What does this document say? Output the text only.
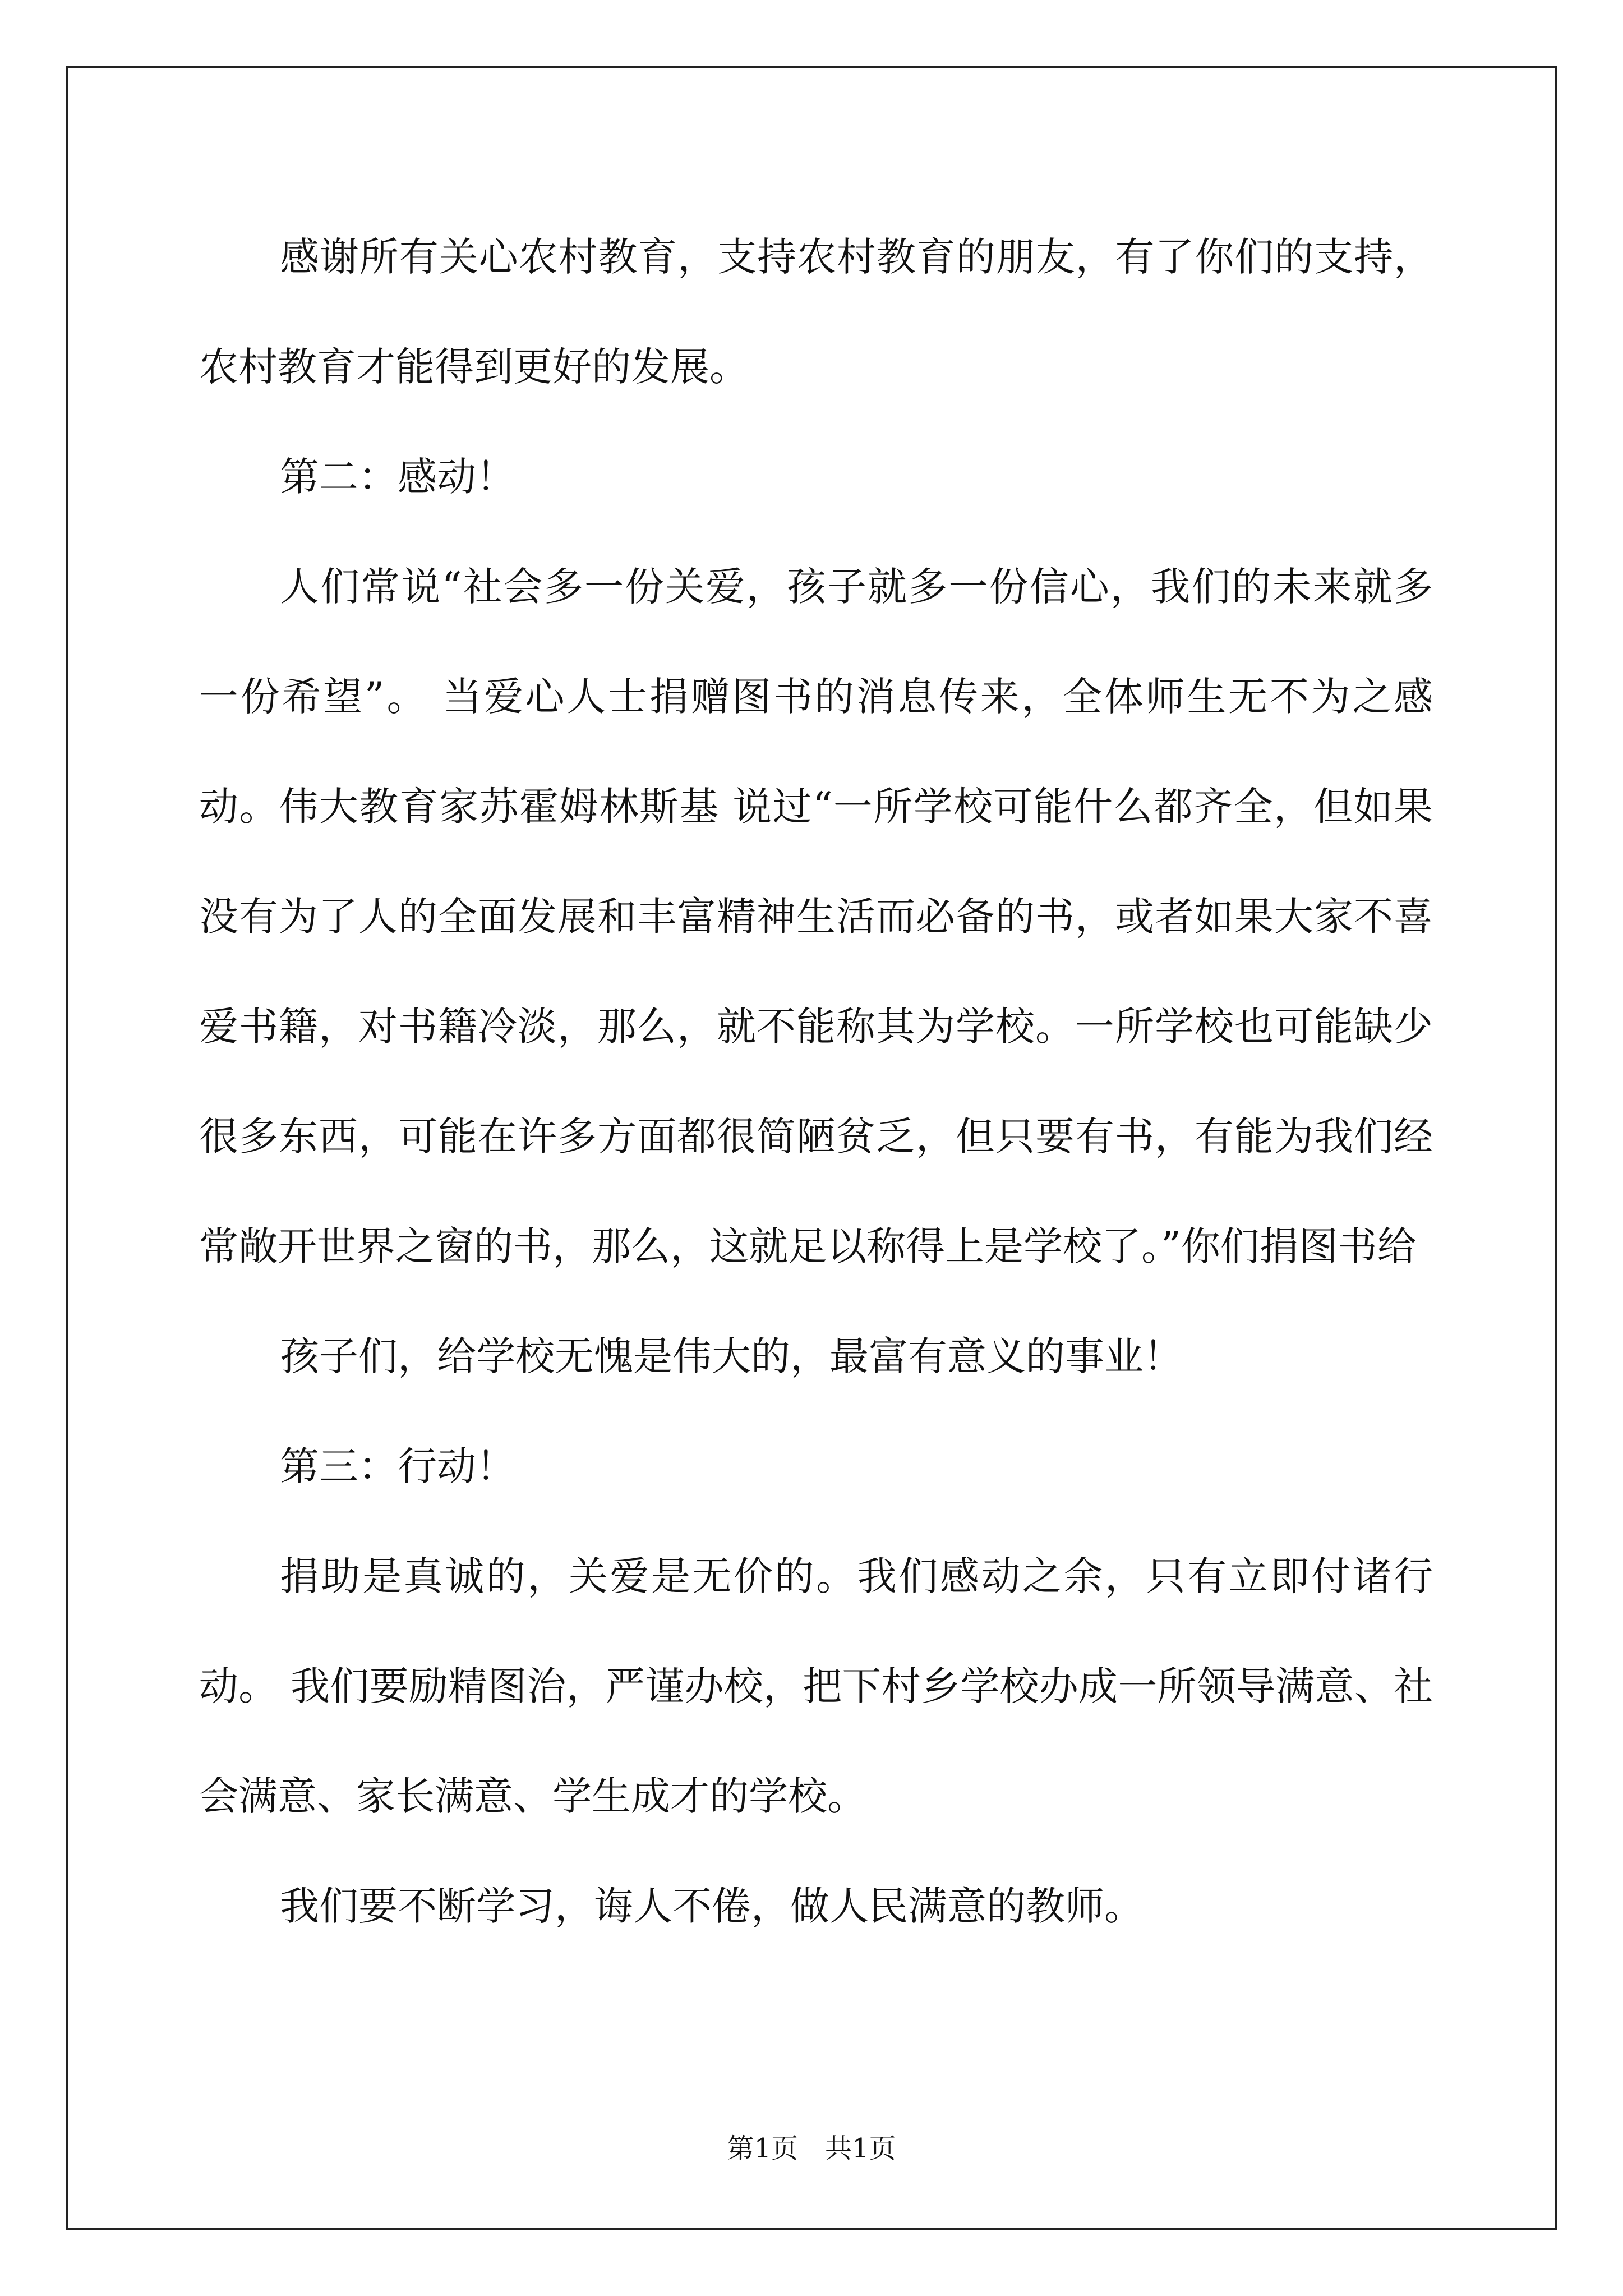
感谢所有关心农村教育，支持农村教育的朋友，有了你们的支持，农村教育才能得到更好的发展。

第二：感动！

人们常说“社会多一份关爱，孩子就多一份信心，我们的未来就多一份希望”。 当爱心人士捐赠图书的消息传来，全体师生无不为之感动。伟大教育家苏霍姆林斯基 说过“一所学校可能什么都齐全，但如果没有为了人的全面发展和丰富精神生活而必备的书，或者如果大家不喜爱书籍，对书籍冷淡，那么，就不能称其为学校。一所学校也可能缺少很多东西，可能在许多方面都很简陋贫乏，但只要有书，有能为我们经常敞开世界之窗的书，那么，这就足以称得上是学校了。”你们捐图书给

孩子们，给学校无愧是伟大的，最富有意义的事业！

第三：行动！

捐助是真诚的，关爱是无价的。我们感动之余，只有立即付诸行动。 我们要励精图治，严谨办校，把下村乡学校办成一所领导满意、社会满意、家长满意、学生成才的学校。

我们要不断学习，诲人不倦，做人民满意的教师。

第1页　共1页
